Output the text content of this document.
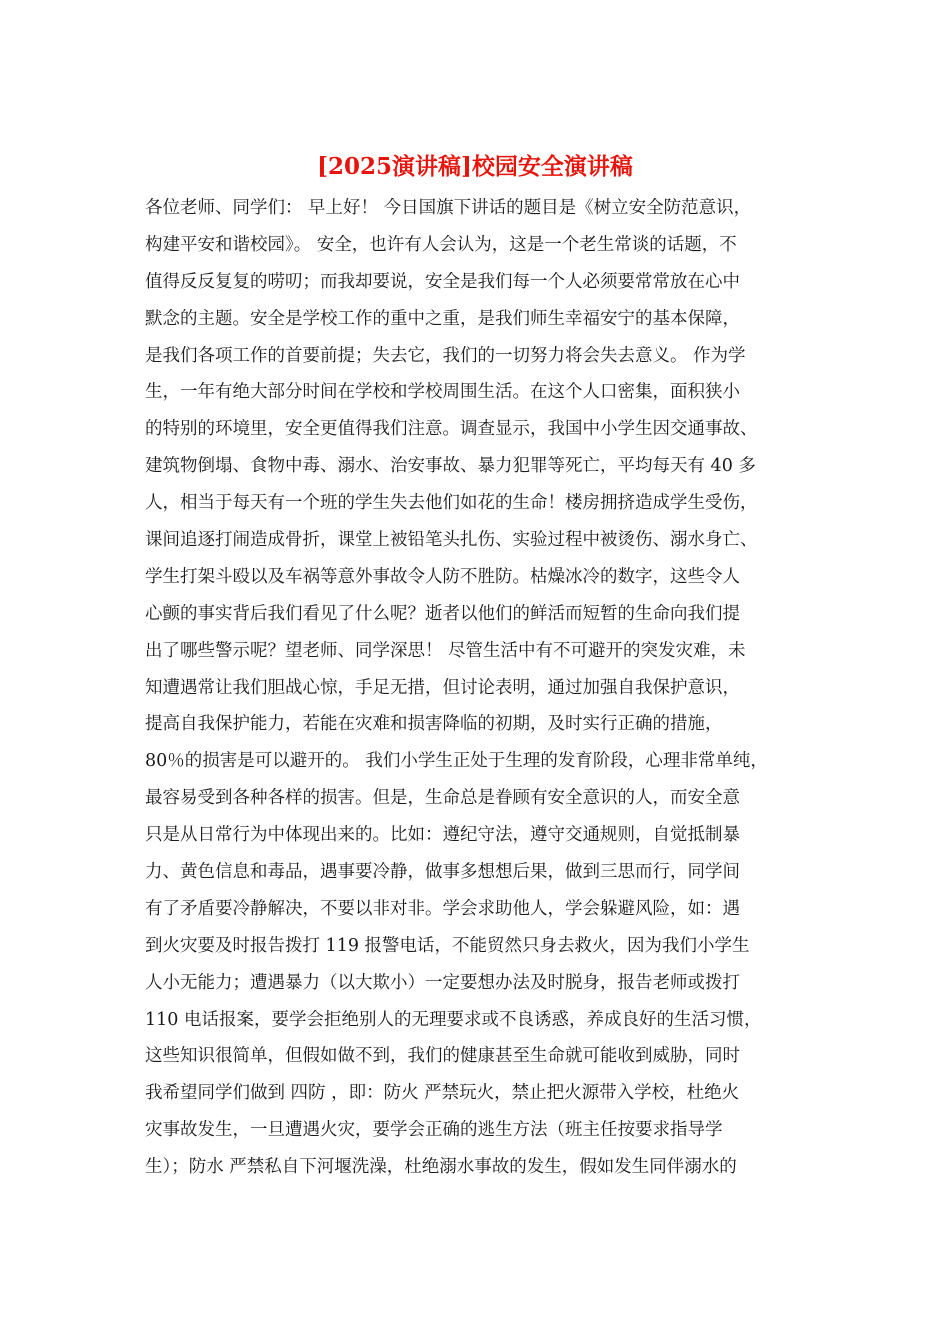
[2025演讲稿]校园安全演讲稿
各位老师、同学们： 早上好！ 今日国旗下讲话的题目是《树立安全防范意识，
构建平安和谐校园》。 安全，也许有人会认为，这是一个老生常谈的话题，不
值得反反复复的唠叨；而我却要说，安全是我们每一个人必须要常常放在心中
默念的主题。安全是学校工作的重中之重，是我们师生幸福安宁的基本保障，
是我们各项工作的首要前提；失去它，我们的一切努力将会失去意义。 作为学
生，一年有绝大部分时间在学校和学校周围生活。在这个人口密集，面积狭小
的特别的环境里，安全更值得我们注意。调查显示，我国中小学生因交通事故、
建筑物倒塌、食物中毒、溺水、治安事故、暴力犯罪等死亡，平均每天有 40 多
人，相当于每天有一个班的学生失去他们如花的生命！楼房拥挤造成学生受伤，
课间追逐打闹造成骨折，课堂上被铅笔头扎伤、实验过程中被烫伤、溺水身亡、
学生打架斗殴以及车祸等意外事故令人防不胜防。枯燥冰冷的数字，这些令人
心颤的事实背后我们看见了什么呢？逝者以他们的鲜活而短暂的生命向我们提
出了哪些警示呢？望老师、同学深思！ 尽管生活中有不可避开的突发灾难，未
知遭遇常让我们胆战心惊，手足无措，但讨论表明，通过加强自我保护意识，
提高自我保护能力，若能在灾难和损害降临的初期，及时实行正确的措施，
80％的损害是可以避开的。 我们小学生正处于生理的发育阶段，心理非常单纯，
最容易受到各种各样的损害。但是，生命总是眷顾有安全意识的人，而安全意
只是从日常行为中体现出来的。比如：遵纪守法，遵守交通规则，自觉抵制暴
力、黄色信息和毒品，遇事要冷静，做事多想想后果，做到三思而行，同学间
有了矛盾要冷静解决，不要以非对非。学会求助他人，学会躲避风险，如：遇
到火灾要及时报告拨打 119 报警电话，不能贸然只身去救火，因为我们小学生
人小无能力；遭遇暴力（以大欺小）一定要想办法及时脱身，报告老师或拨打
110 电话报案，要学会拒绝别人的无理要求或不良诱惑，养成良好的生活习惯，
这些知识很简单，但假如做不到，我们的健康甚至生命就可能收到威胁，同时
我希望同学们做到 四防 ，即：防火 严禁玩火，禁止把火源带入学校，杜绝火
灾事故发生，一旦遭遇火灾，要学会正确的逃生方法（班主任按要求指导学
生）；防水 严禁私自下河堰洗澡，杜绝溺水事故的发生，假如发生同伴溺水的
